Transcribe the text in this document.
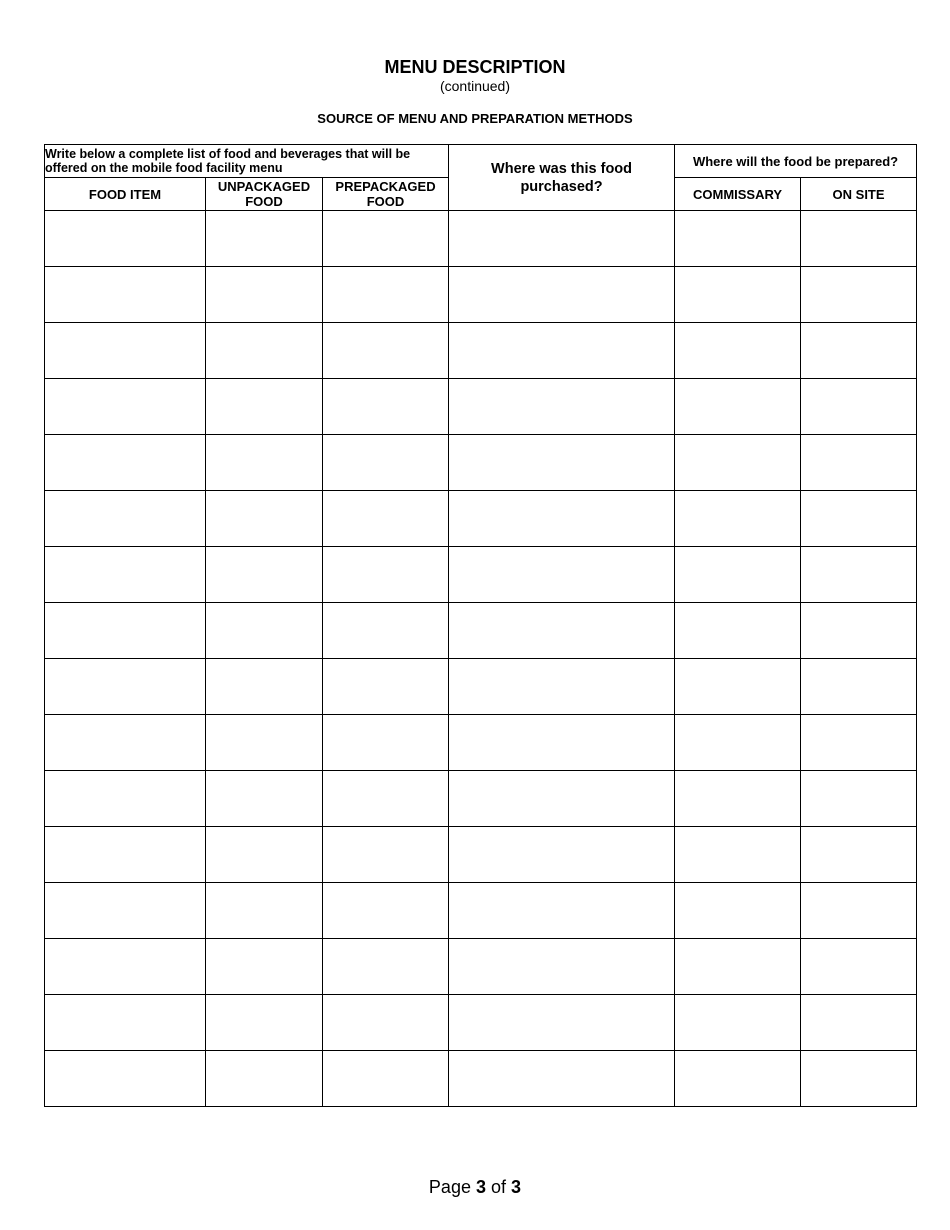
MENU DESCRIPTION
(continued)
SOURCE OF MENU AND PREPARATION METHODS
Write below a complete list of food and beverages that will be offered on the mobile food facility menu			Where was this food purchased?	Where will the food be prepared?	
FOOD ITEM	UNPACKAGED FOOD	PREPACKAGED FOOD		COMMISSARY	ON SITE

Page 3 of 3
